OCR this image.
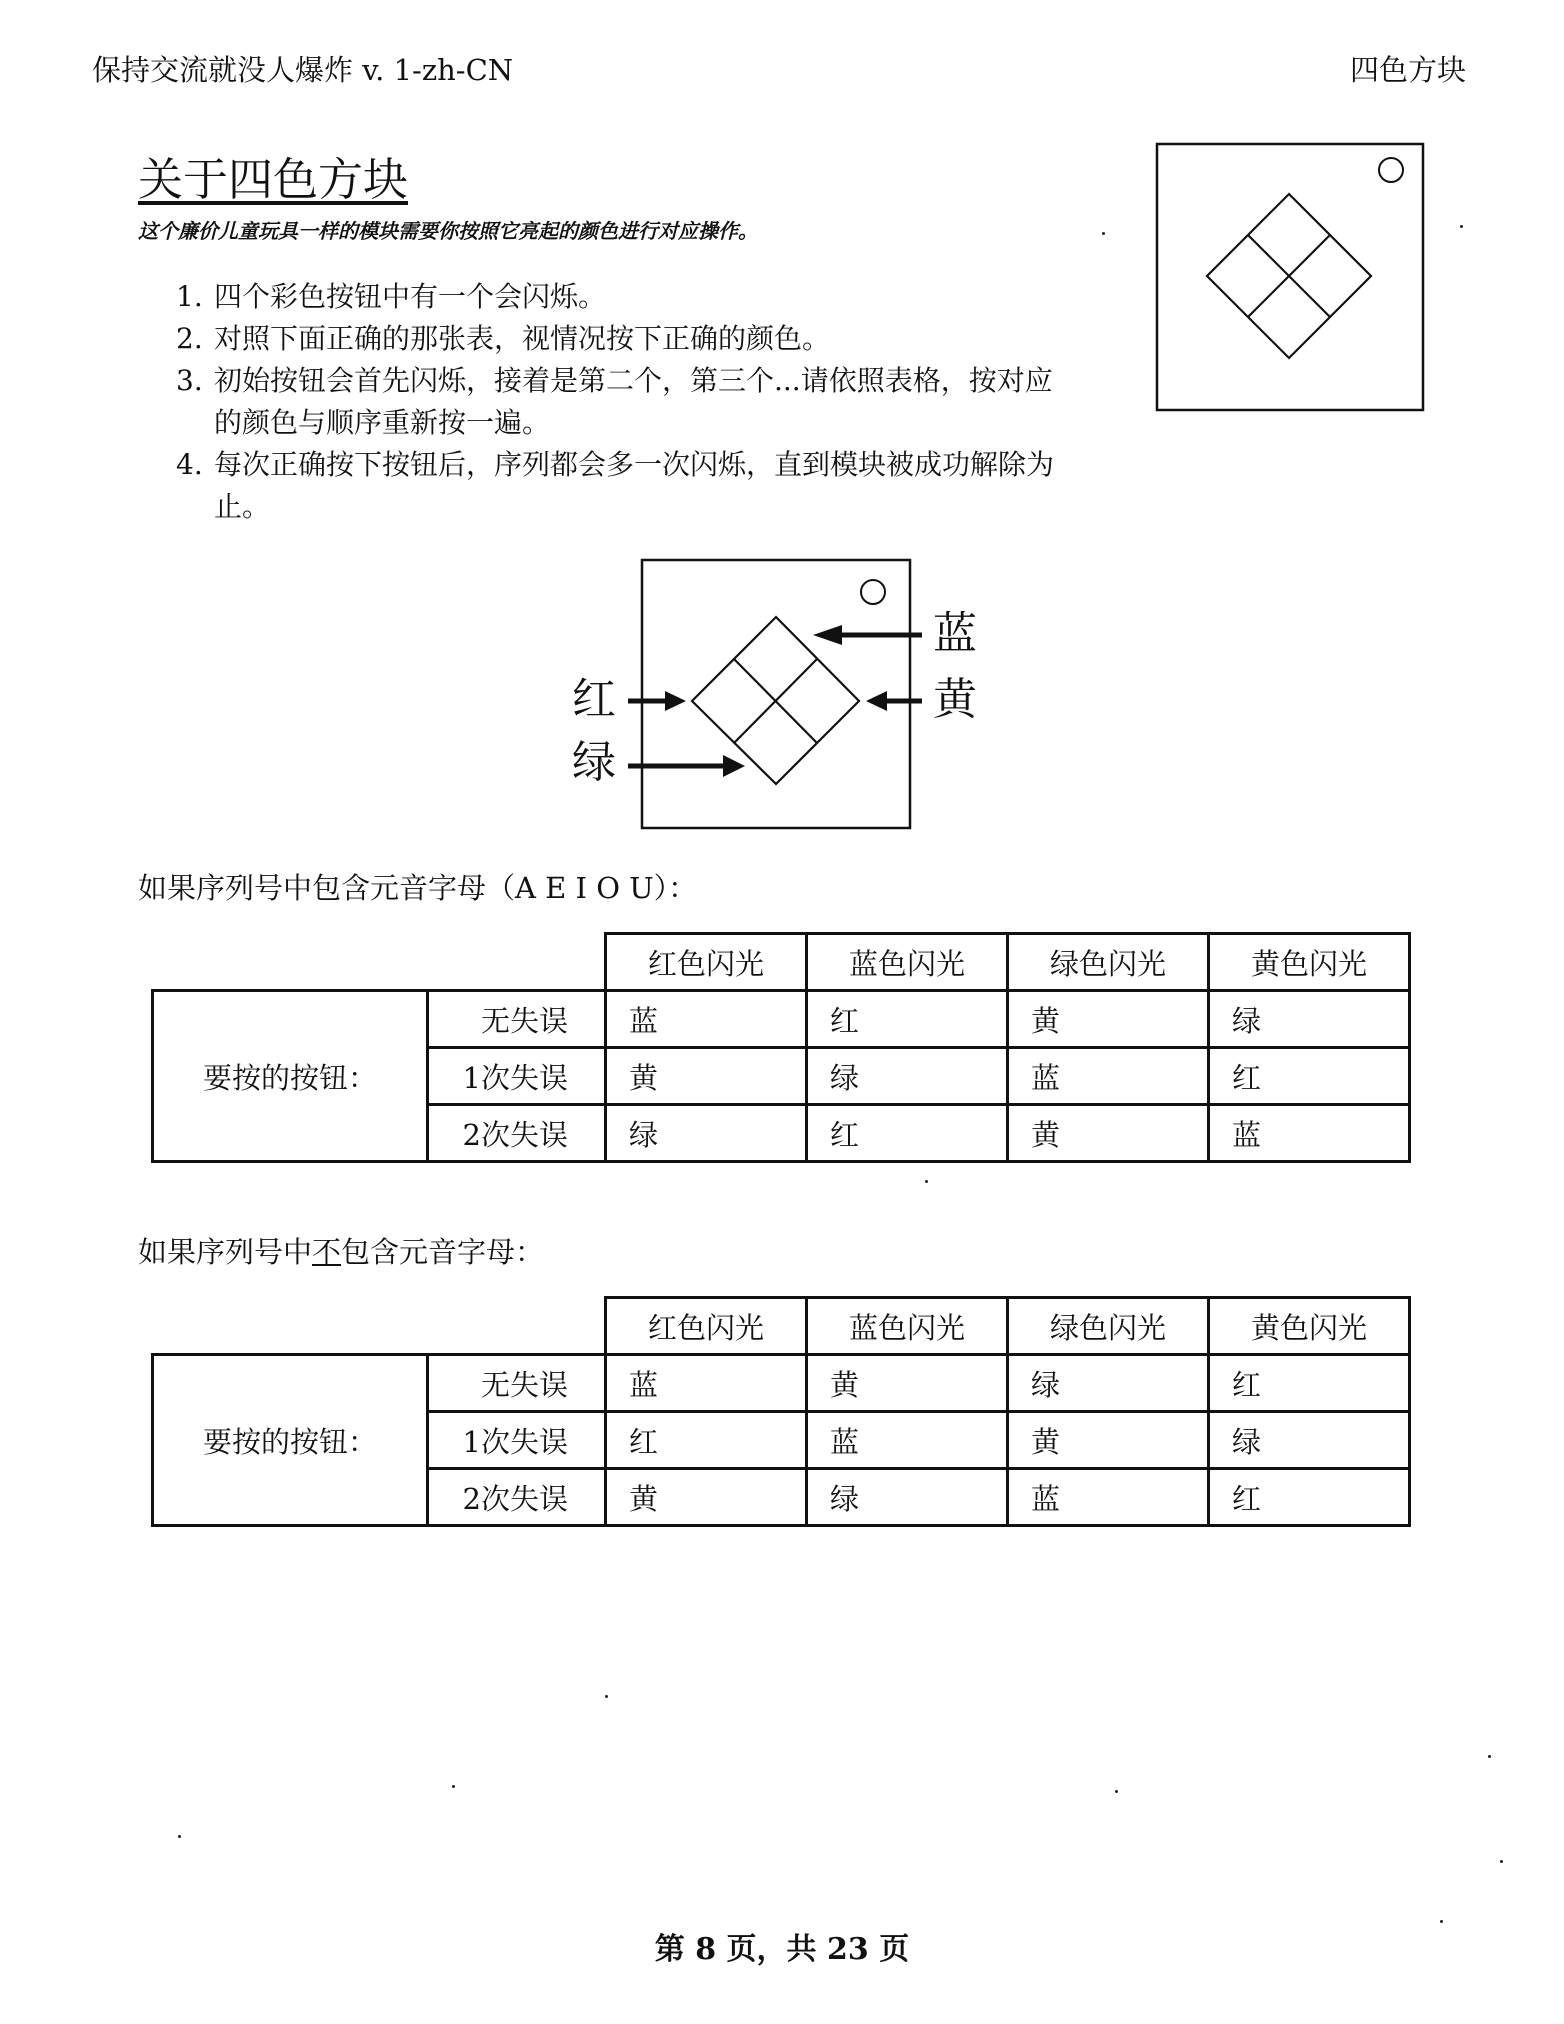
保持交流就没人爆炸 v. 1-zh-CN	四色方块
关于四色方块
这个廉价儿童玩具一样的模块需要你按照它亮起的颜色进行对应操作。
1. 四个彩色按钮中有一个会闪烁。
2. 对照下面正确的那张表，视情况按下正确的颜色。
3. 初始按钮会首先闪烁，接着是第二个，第三个...请依照表格，按对应的颜色与顺序重新按一遍。
4. 每次正确按下按钮后，序列都会多一次闪烁，直到模块被成功解除为止。
蓝
黄
红
绿
如果序列号中包含元音字母（A E I O U）：
		红色闪光	蓝色闪光	绿色闪光	黄色闪光
要按的按钮：	无失误	蓝	红	黄	绿
	1次失误	黄	绿	蓝	红
	2次失误	绿	红	黄	蓝
如果序列号中不包含元音字母：
		红色闪光	蓝色闪光	绿色闪光	黄色闪光
要按的按钮：	无失误	蓝	黄	绿	红
	1次失误	红	蓝	黄	绿
	2次失误	黄	绿	蓝	红
第 8 页，共 23 页
